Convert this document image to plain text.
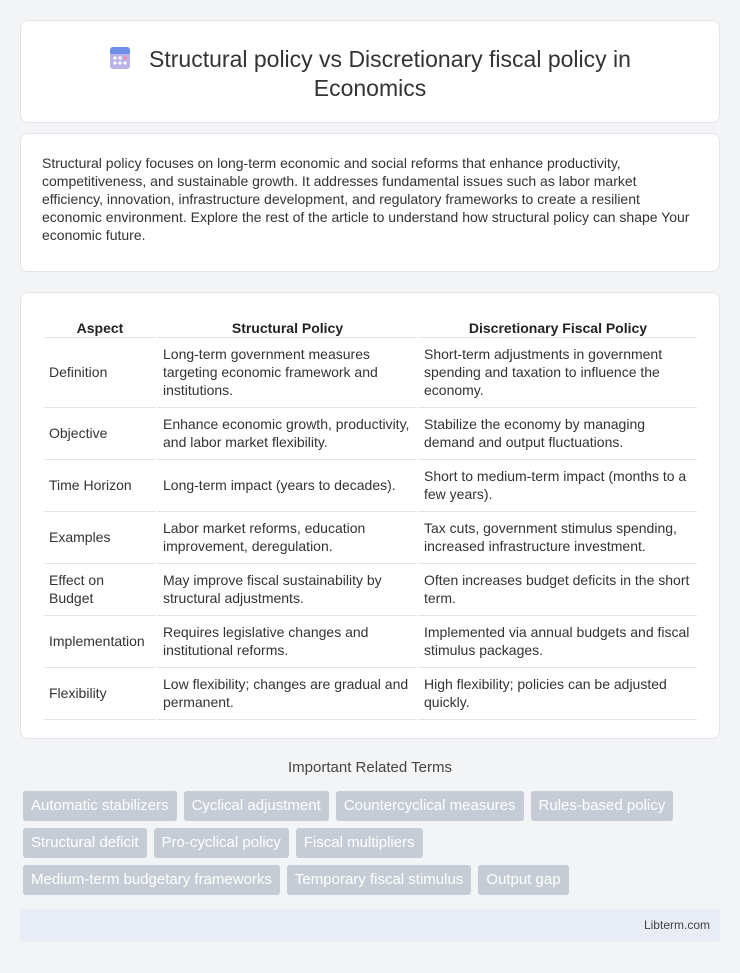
Structural policy vs Discretionary fiscal policy in Economics

Structural policy focuses on long-term economic and social reforms that enhance productivity, competitiveness, and sustainable growth. It addresses fundamental issues such as labor market efficiency, innovation, infrastructure development, and regulatory frameworks to create a resilient economic environment. Explore the rest of the article to understand how structural policy can shape Your economic future.

Aspect	Structural Policy	Discretionary Fiscal Policy
Definition	Long-term government measures targeting economic framework and institutions.	Short-term adjustments in government spending and taxation to influence the economy.
Objective	Enhance economic growth, productivity, and labor market flexibility.	Stabilize the economy by managing demand and output fluctuations.
Time Horizon	Long-term impact (years to decades).	Short to medium-term impact (months to a few years).
Examples	Labor market reforms, education improvement, deregulation.	Tax cuts, government stimulus spending, increased infrastructure investment.
Effect on Budget	May improve fiscal sustainability by structural adjustments.	Often increases budget deficits in the short term.
Implementation	Requires legislative changes and institutional reforms.	Implemented via annual budgets and fiscal stimulus packages.
Flexibility	Low flexibility; changes are gradual and permanent.	High flexibility; policies can be adjusted quickly.
Important Related Terms
Automatic stabilizers	Cyclical adjustment	Countercyclical measures	Rules-based policy
Structural deficit	Pro-cyclical policy	Fiscal multipliers
Medium-term budgetary frameworks	Temporary fiscal stimulus	Output gap
Libterm.com
